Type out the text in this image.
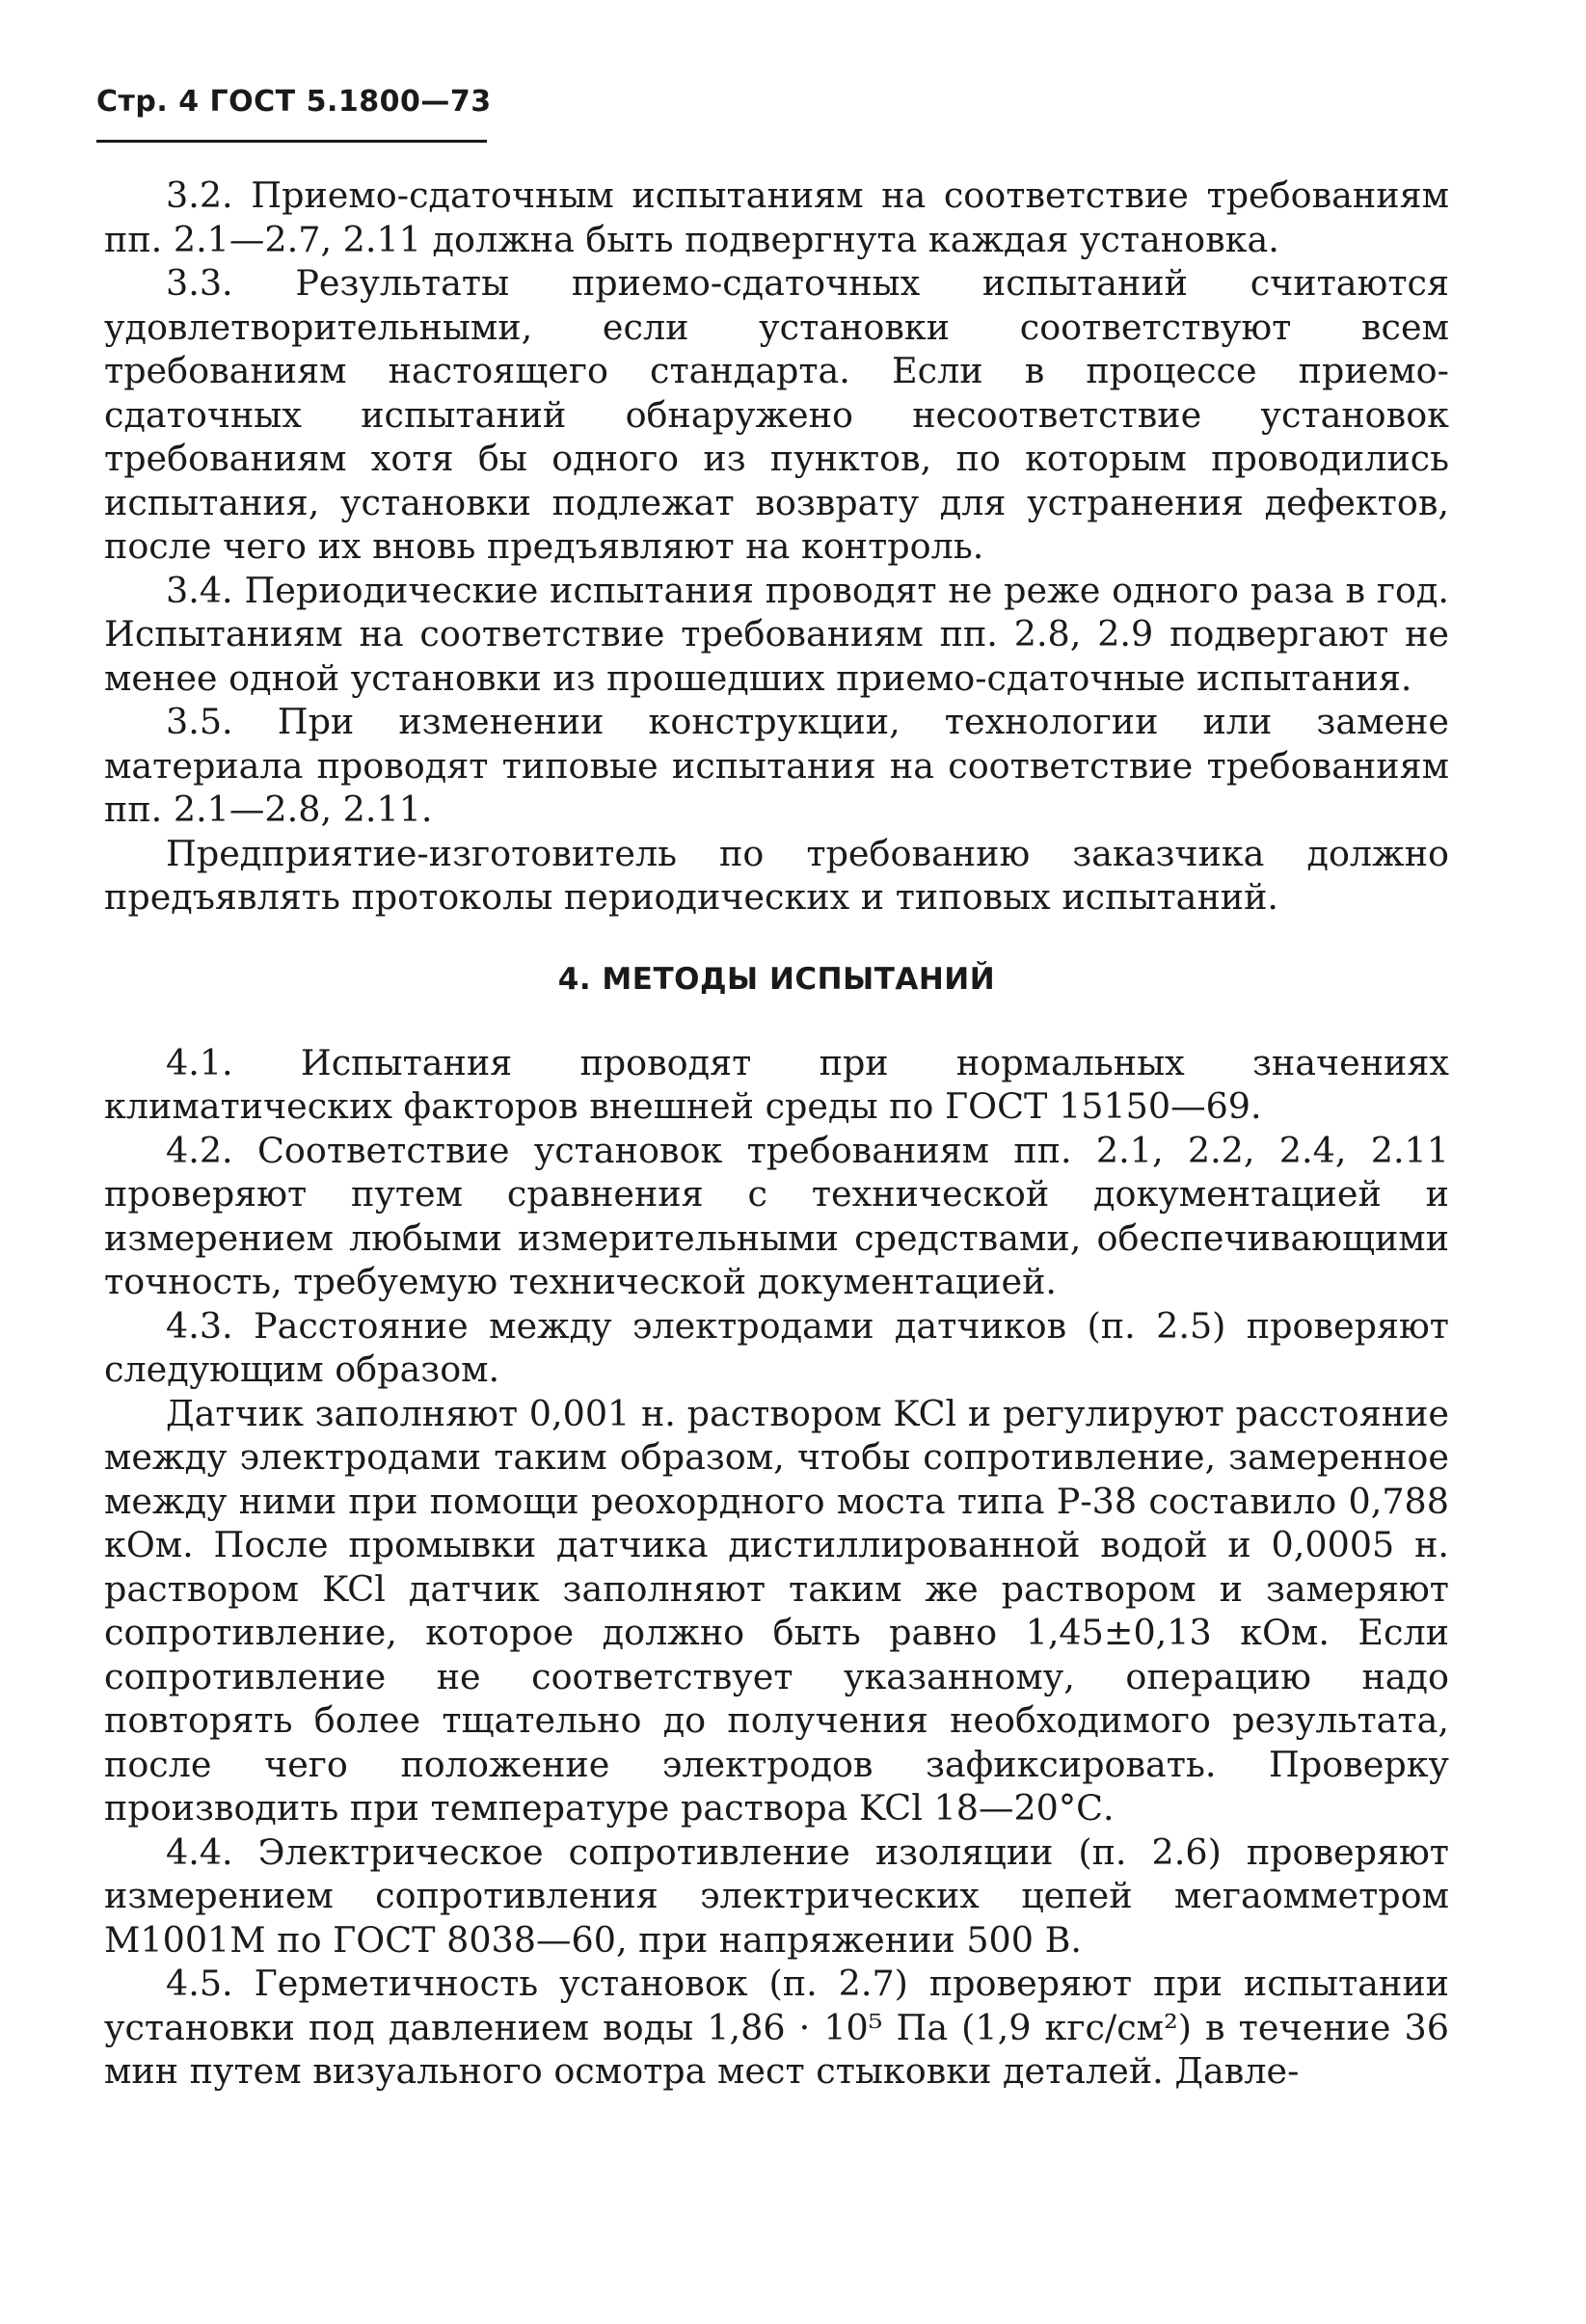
Стр. 4 ГОСТ 5.1800—73

3.2. Приемо-сдаточным испытаниям на соответствие требованиям пп. 2.1—2.7, 2.11 должна быть подвергнута каждая установка.

3.3. Результаты приемо-сдаточных испытаний считаются удовлетворительными, если установки соответствуют всем требованиям настоящего стандарта. Если в процессе приемо-сдаточных испытаний обнаружено несоответствие установок требованиям хотя бы одного из пунктов, по которым проводились испытания, установки подлежат возврату для устранения дефектов, после чего их вновь предъявляют на контроль.

3.4. Периодические испытания проводят не реже одного раза в год. Испытаниям на соответствие требованиям пп. 2.8, 2.9 подвергают не менее одной установки из прошедших приемо-сдаточные испытания.

3.5. При изменении конструкции, технологии или замене материала проводят типовые испытания на соответствие требованиям пп. 2.1—2.8, 2.11.

Предприятие-изготовитель по требованию заказчика должно предъявлять протоколы периодических и типовых испытаний.

4. МЕТОДЫ ИСПЫТАНИЙ

4.1. Испытания проводят при нормальных значениях климатических факторов внешней среды по ГОСТ 15150—69.

4.2. Соответствие установок требованиям пп. 2.1, 2.2, 2.4, 2.11 проверяют путем сравнения с технической документацией и измерением любыми измерительными средствами, обеспечивающими точность, требуемую технической документацией.

4.3. Расстояние между электродами датчиков (п. 2.5) проверяют следующим образом.

Датчик заполняют 0,001 н. раствором KCl и регулируют расстояние между электродами таким образом, чтобы сопротивление, замеренное между ними при помощи реохордного моста типа Р-38 составило 0,788 кОм. После промывки датчика дистиллированной водой и 0,0005 н. раствором KCl датчик заполняют таким же раствором и замеряют сопротивление, которое должно быть равно 1,45±0,13 кОм. Если сопротивление не соответствует указанному, операцию надо повторять более тщательно до получения необходимого результата, после чего положение электродов зафиксировать. Проверку производить при температуре раствора KCl 18—20°С.

4.4. Электрическое сопротивление изоляции (п. 2.6) проверяют измерением сопротивления электрических цепей мегаомметром М1001М по ГОСТ 8038—60, при напряжении 500 В.

4.5. Герметичность установок (п. 2.7) проверяют при испытании установки под давлением воды 1,86 · 10⁵ Па (1,9 кгс/см²) в течение 36 мин путем визуального осмотра мест стыковки деталей. Давле-
